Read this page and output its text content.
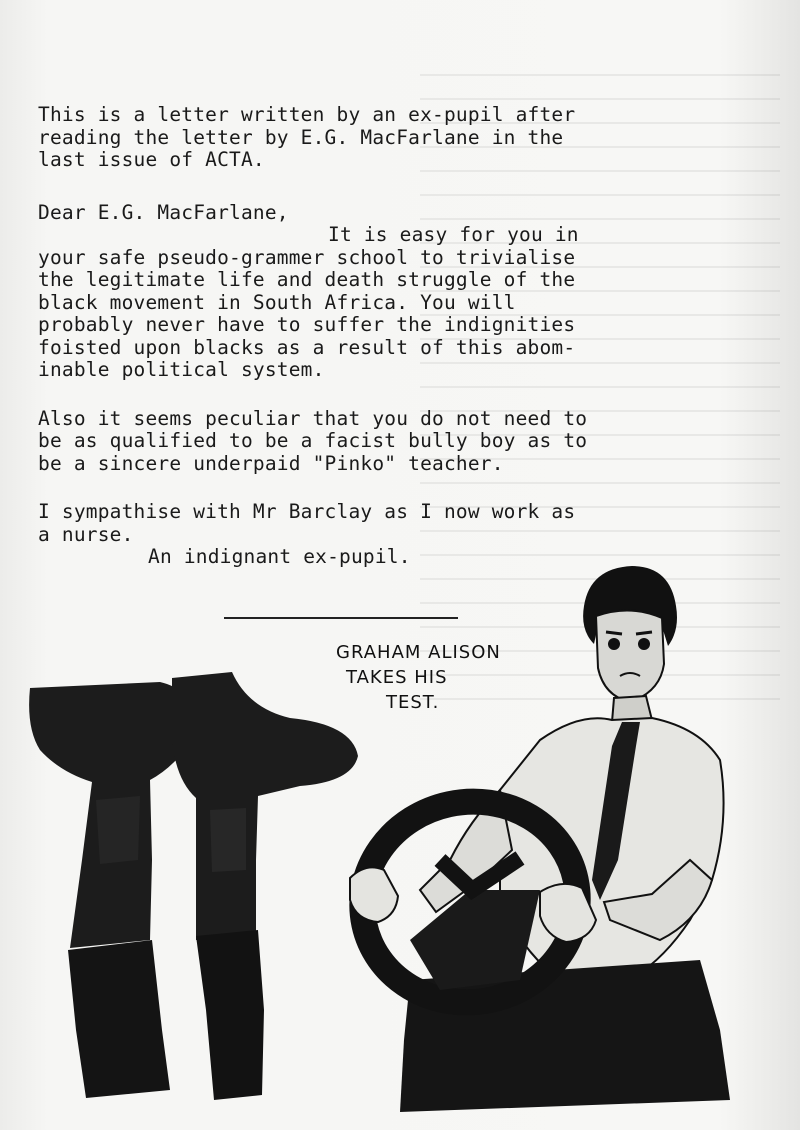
This is a letter written by an ex-pupil after
reading the letter by E.G. MacFarlane in the
last issue of ACTA.

Dear E.G. MacFarlane,

It is easy for you in

your safe pseudo-grammer school to trivialise
the legitimate life and death struggle of the
black movement in South Africa. You will
probably never have to suffer the indignities
foisted upon blacks as a result of this abom-
inable political system.

Also it seems peculiar that you do not need to
be as qualified to be a facist bully boy as to
be a sincere underpaid "Pinko" teacher.

I sympathise with Mr Barclay as I now work as
a nurse.

An indignant ex-pupil.

GRAHAM ALISON
TAKES HIS
TEST.
